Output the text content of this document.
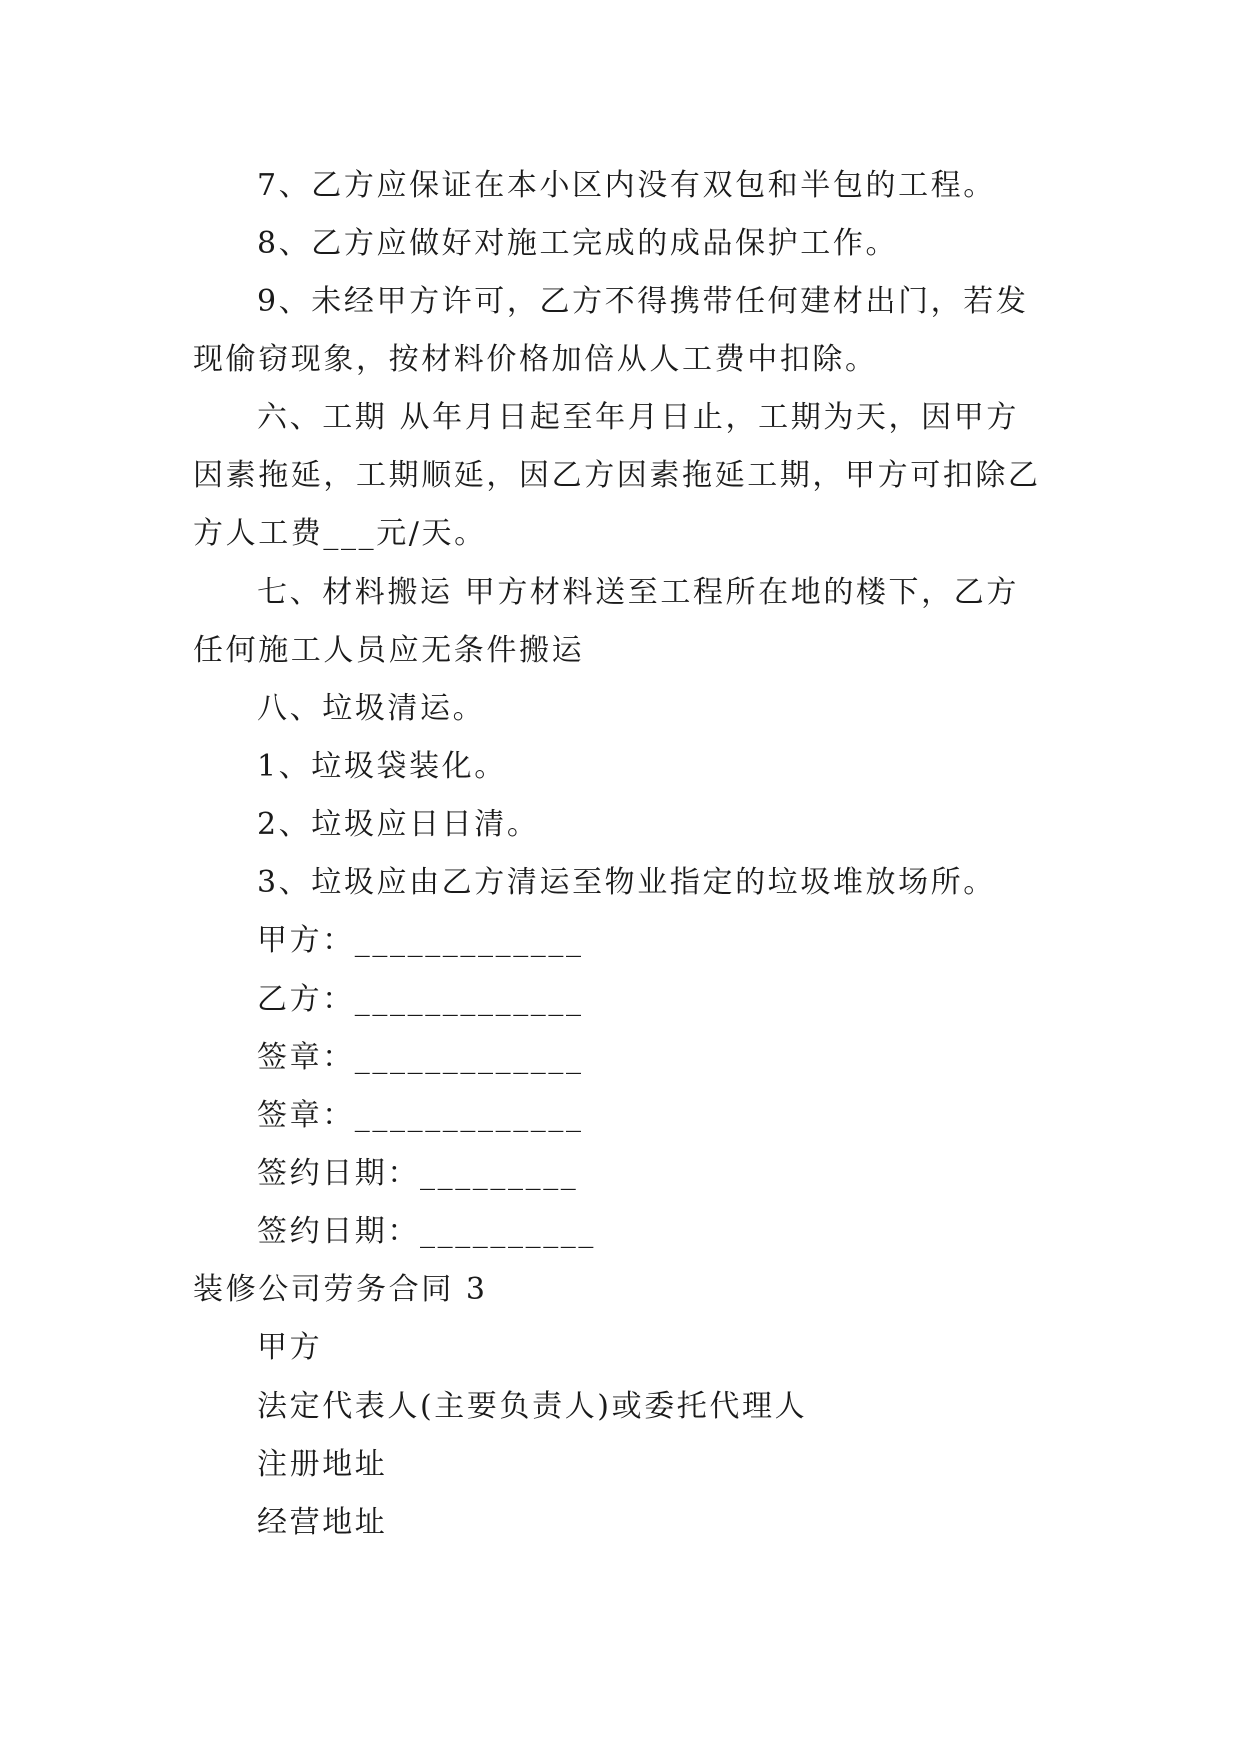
7、乙方应保证在本小区内没有双包和半包的工程。
8、乙方应做好对施工完成的成品保护工作。
9、未经甲方许可，乙方不得携带任何建材出门，若发
现偷窃现象，按材料价格加倍从人工费中扣除。
六、工期 从年月日起至年月日止，工期为天，因甲方
因素拖延，工期顺延，因乙方因素拖延工期，甲方可扣除乙
方人工费___元/天。
七、材料搬运 甲方材料送至工程所在地的楼下，乙方
任何施工人员应无条件搬运
八、垃圾清运。
1、垃圾袋装化。
2、垃圾应日日清。
3、垃圾应由乙方清运至物业指定的垃圾堆放场所。
甲方：_____________
乙方：_____________
签章：_____________
签章：_____________
签约日期：_________
签约日期：__________
装修公司劳务合同 3
甲方
法定代表人(主要负责人)或委托代理人
注册地址
经营地址
